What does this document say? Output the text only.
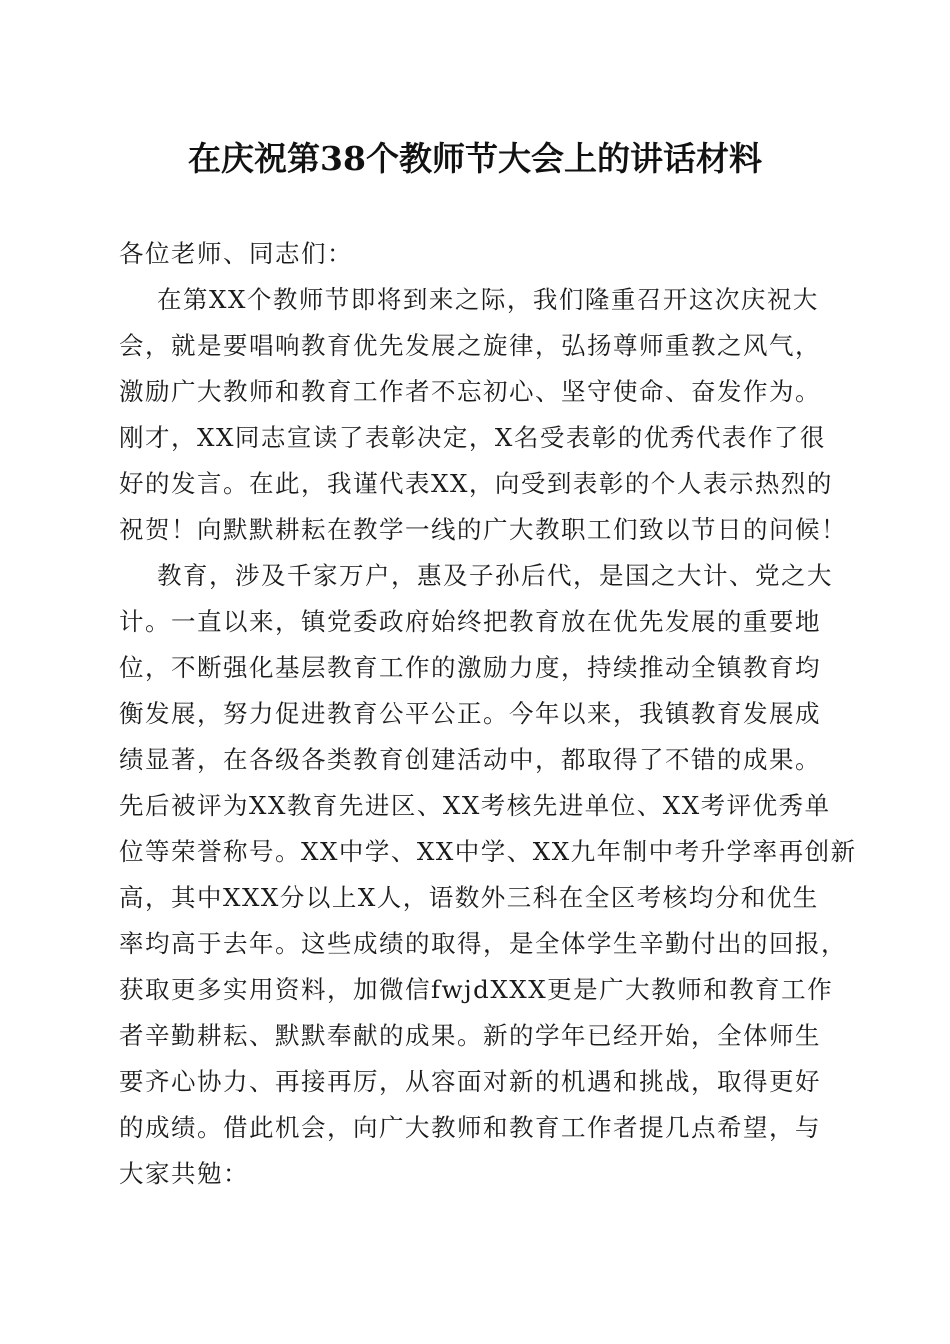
在庆祝第38个教师节大会上的讲话材料

各位老师、同志们：

在第XX个教师节即将到来之际，我们隆重召开这次庆祝大

会，就是要唱响教育优先发展之旋律，弘扬尊师重教之风气，

激励广大教师和教育工作者不忘初心、坚守使命、奋发作为。

刚才，XX同志宣读了表彰决定，X名受表彰的优秀代表作了很

好的发言。在此，我谨代表XX，向受到表彰的个人表示热烈的

祝贺！向默默耕耘在教学一线的广大教职工们致以节日的问候！

教育，涉及千家万户，惠及子孙后代，是国之大计、党之大

计。一直以来，镇党委政府始终把教育放在优先发展的重要地

位，不断强化基层教育工作的激励力度，持续推动全镇教育均

衡发展，努力促进教育公平公正。今年以来，我镇教育发展成

绩显著，在各级各类教育创建活动中，都取得了不错的成果。

先后被评为XX教育先进区、XX考核先进单位、XX考评优秀单

位等荣誉称号。XX中学、XX中学、XX九年制中考升学率再创新

高，其中XXX分以上X人，语数外三科在全区考核均分和优生

率均高于去年。这些成绩的取得，是全体学生辛勤付出的回报，

获取更多实用资料，加微信fwjdXXX更是广大教师和教育工作

者辛勤耕耘、默默奉献的成果。新的学年已经开始，全体师生

要齐心协力、再接再厉，从容面对新的机遇和挑战，取得更好

的成绩。借此机会，向广大教师和教育工作者提几点希望，与

大家共勉：
